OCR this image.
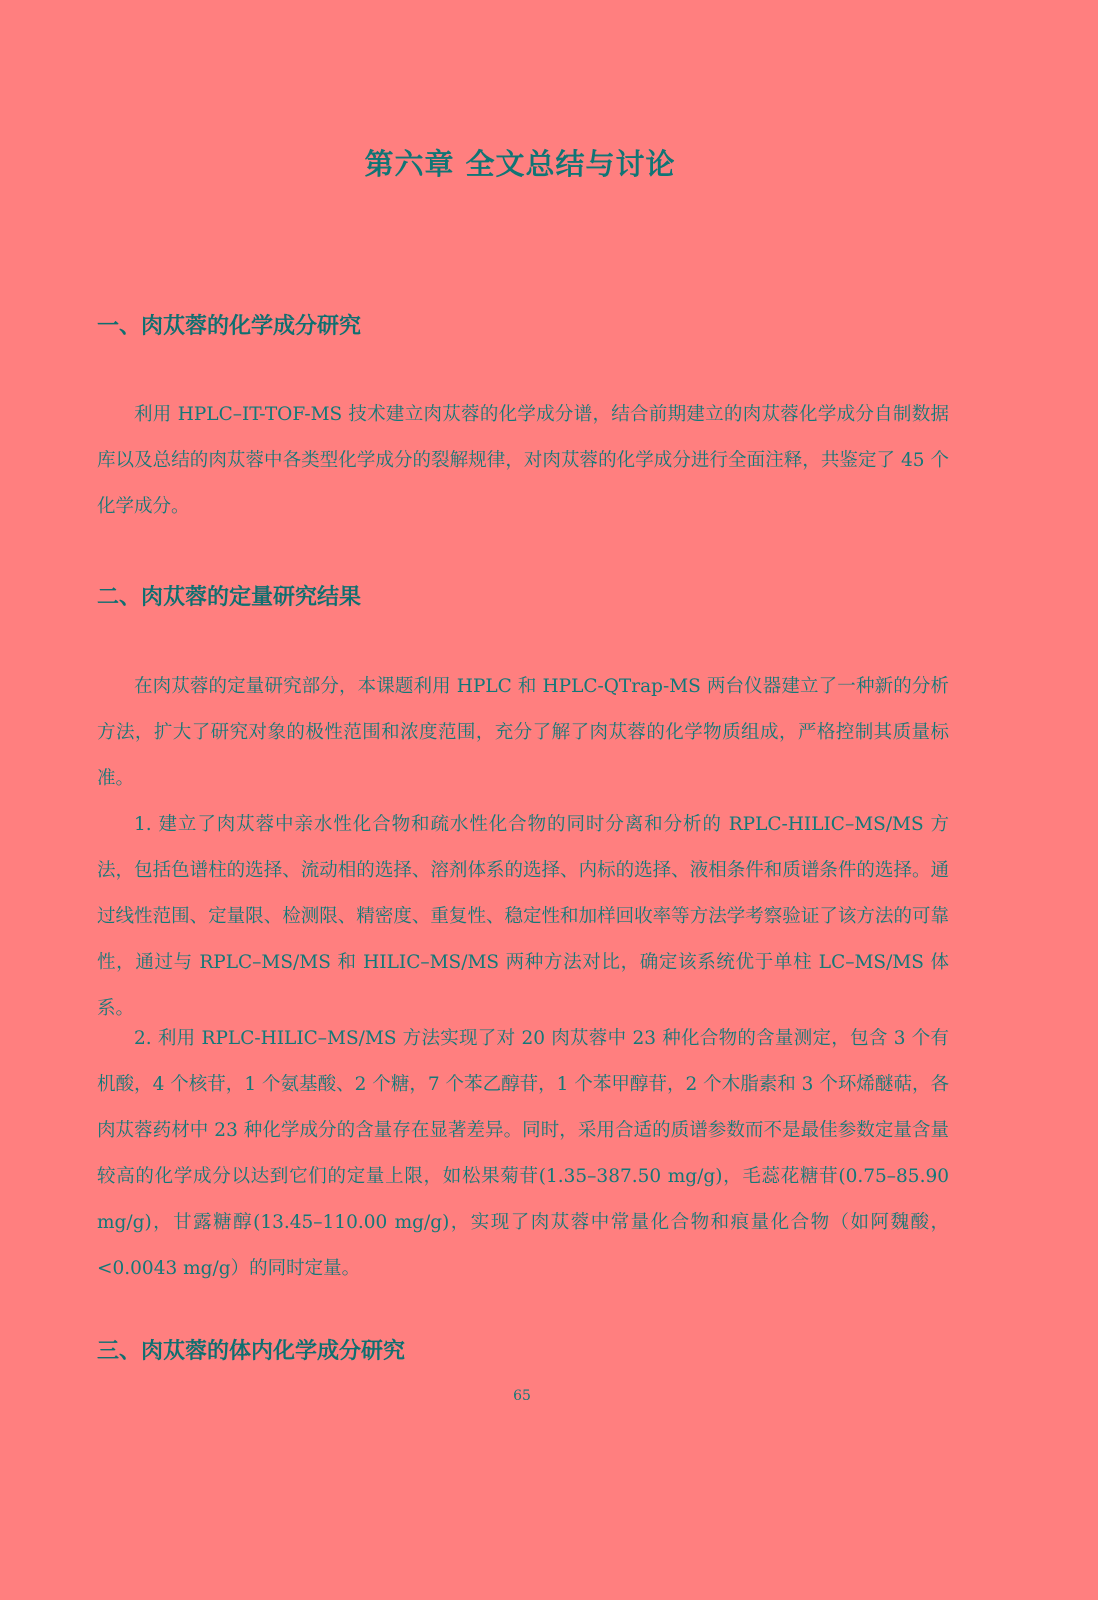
第六章 全文总结与讨论
一、肉苁蓉的化学成分研究
利用 HPLC–IT-TOF-MS 技术建立肉苁蓉的化学成分谱，结合前期建立的肉苁蓉化学成分自制数据库以及总结的肉苁蓉中各类型化学成分的裂解规律，对肉苁蓉的化学成分进行全面注释，共鉴定了 45 个化学成分。
二、肉苁蓉的定量研究结果
在肉苁蓉的定量研究部分，本课题利用 HPLC 和 HPLC-QTrap-MS 两台仪器建立了一种新的分析方法，扩大了研究对象的极性范围和浓度范围，充分了解了肉苁蓉的化学物质组成，严格控制其质量标准。
1. 建立了肉苁蓉中亲水性化合物和疏水性化合物的同时分离和分析的 RPLC-HILIC–MS/MS 方法，包括色谱柱的选择、流动相的选择、溶剂体系的选择、内标的选择、液相条件和质谱条件的选择。通过线性范围、定量限、检测限、精密度、重复性、稳定性和加样回收率等方法学考察验证了该方法的可靠性，通过与 RPLC–MS/MS 和 HILIC–MS/MS 两种方法对比，确定该系统优于单柱 LC–MS/MS 体系。
2. 利用 RPLC-HILIC–MS/MS 方法实现了对 20 肉苁蓉中 23 种化合物的含量测定，包含 3 个有机酸，4 个核苷，1 个氨基酸、2 个糖，7 个苯乙醇苷，1 个苯甲醇苷，2 个木脂素和 3 个环烯醚萜，各肉苁蓉药材中 23 种化学成分的含量存在显著差异。同时，采用合适的质谱参数而不是最佳参数定量含量较高的化学成分以达到它们的定量上限，如松果菊苷(1.35–387.50 mg/g)，毛蕊花糖苷(0.75–85.90 mg/g)，甘露糖醇(13.45–110.00 mg/g)，实现了肉苁蓉中常量化合物和痕量化合物（如阿魏酸，<0.0043 mg/g）的同时定量。
三、肉苁蓉的体内化学成分研究
65
